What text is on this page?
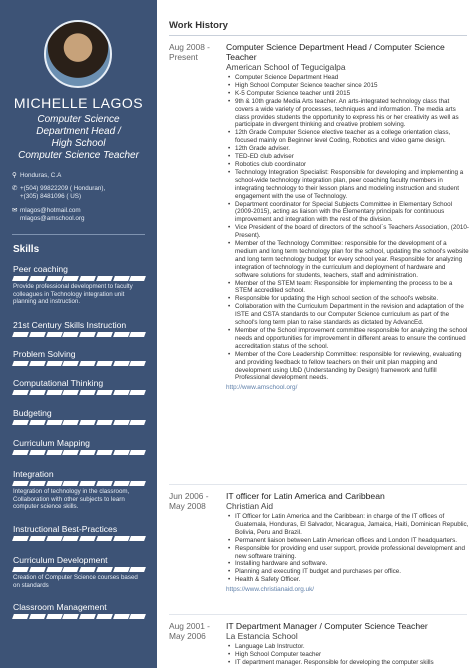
MICHELLE LAGOS
Computer Science
Department Head /
High School
Computer Science Teacher
⚲ Honduras, C.A
✆ +(504) 99822209 ( Honduran),
+(305) 8481096 ( US)
✉ mlagos@hotmail.com
mlagos@amschool.org
Skills
Peer coaching
Provide professional development to faculty colleagues in Technology integration unit planning and instruction.
21st Century Skills Instruction
Problem Solving
Computational Thinking
Budgeting
Curriculum Mapping
Integration
Integration of technology in the classroom, Collaboration with other subjects to learn computer science skills.
Instructional Best-Practices
Curriculum Development
Creation of Computer Science courses based on standards
Classroom Management
Work History
Aug 2008 -
Present
Computer Science Department Head / Computer Science Teacher
American School of Tegucigalpa
• Computer Science Department Head
• High School Computer Science teacher since 2015
• K-5 Computer Science teacher until 2015
• 9th & 10th grade Media Arts teacher. An arts-integrated technology class that covers a wide variety of processes, techniques and information. The media arts class provides students the opportunity to express his or her creativity as well as participate in divergent thinking and creative problem solving.
• 12th Grade Computer Science elective teacher as a college orientation class, focused mainly on Beginner level Coding, Robotics and video game design.
• 12th Grade adviser.
• TED-ED club adviser
• Robotics club coordinator
• Technology Integration Specialist: Responsible for developing and implementing a school-wide technology integration plan, peer coaching faculty members in integrating technology to their lesson plans and modeling instruction and student engagement with the use of Technology.
• Department coordinator for Special Subjects Committee in Elementary School (2009-2015), acting as liaison with the Elementary principals for continuous improvement and integration with the rest of the division.
• Vice President of the board of directors of the school´s Teachers Association, (2010-Present).
• Member of the Technology Committee: responsible for the development of a medium and long term technology plan for the school, updating the school's website and long term technology budget for every school year. Responsible for analyzing integration of technology in the curriculum and deployment of hardware and software solutions for students, teachers, staff and administration.
• Member of the STEM team: Responsible for implementing the process to be a STEM accredited school.
• Responsible for updating the High school section of the school's website.
• Collaboration with the Curriculum Department in the revision and adaptation of the ISTE and CSTA standards to our Computer Science curriculum as part of the school's long term plan to raise standards as dictated by AdvancEd.
• Member of the School improvement committee responsible for analyzing the school needs and opportunities for improvement in different areas to ensure the continued accreditation status of the school.
• Member of the Core Leadership Committee: responsible for reviewing, evaluating and providing feedback to fellow teachers on their unit plan mapping and development using UbD (Understanding by Design) framework and fulfill Professional development needs.
http://www.amschool.org/
Jun 2006 -
May 2008
IT officer for Latin America and Caribbean
Christian Aid
• IT Officer for Latin America and the Caribbean: in charge of the IT offices of Guatemala, Honduras, El Salvador, Nicaragua, Jamaica, Haiti, Dominican Republic, Bolivia, Peru and Brazil.
• Permanent liaison between Latin American offices and London IT headquarters.
• Responsible for providing end user support, provide professional development and new software training.
• Installing hardware and software.
• Planning and executing IT budget and purchases per office.
• Health & Safety Officer.
https://www.christianaid.org.uk/
Aug 2001 -
May 2006
IT Department Manager / Computer Science Teacher
La Estancia School
• Language Lab Instructor.
• High School Computer teacher
• IT department manager. Responsible for developing the computer skills
